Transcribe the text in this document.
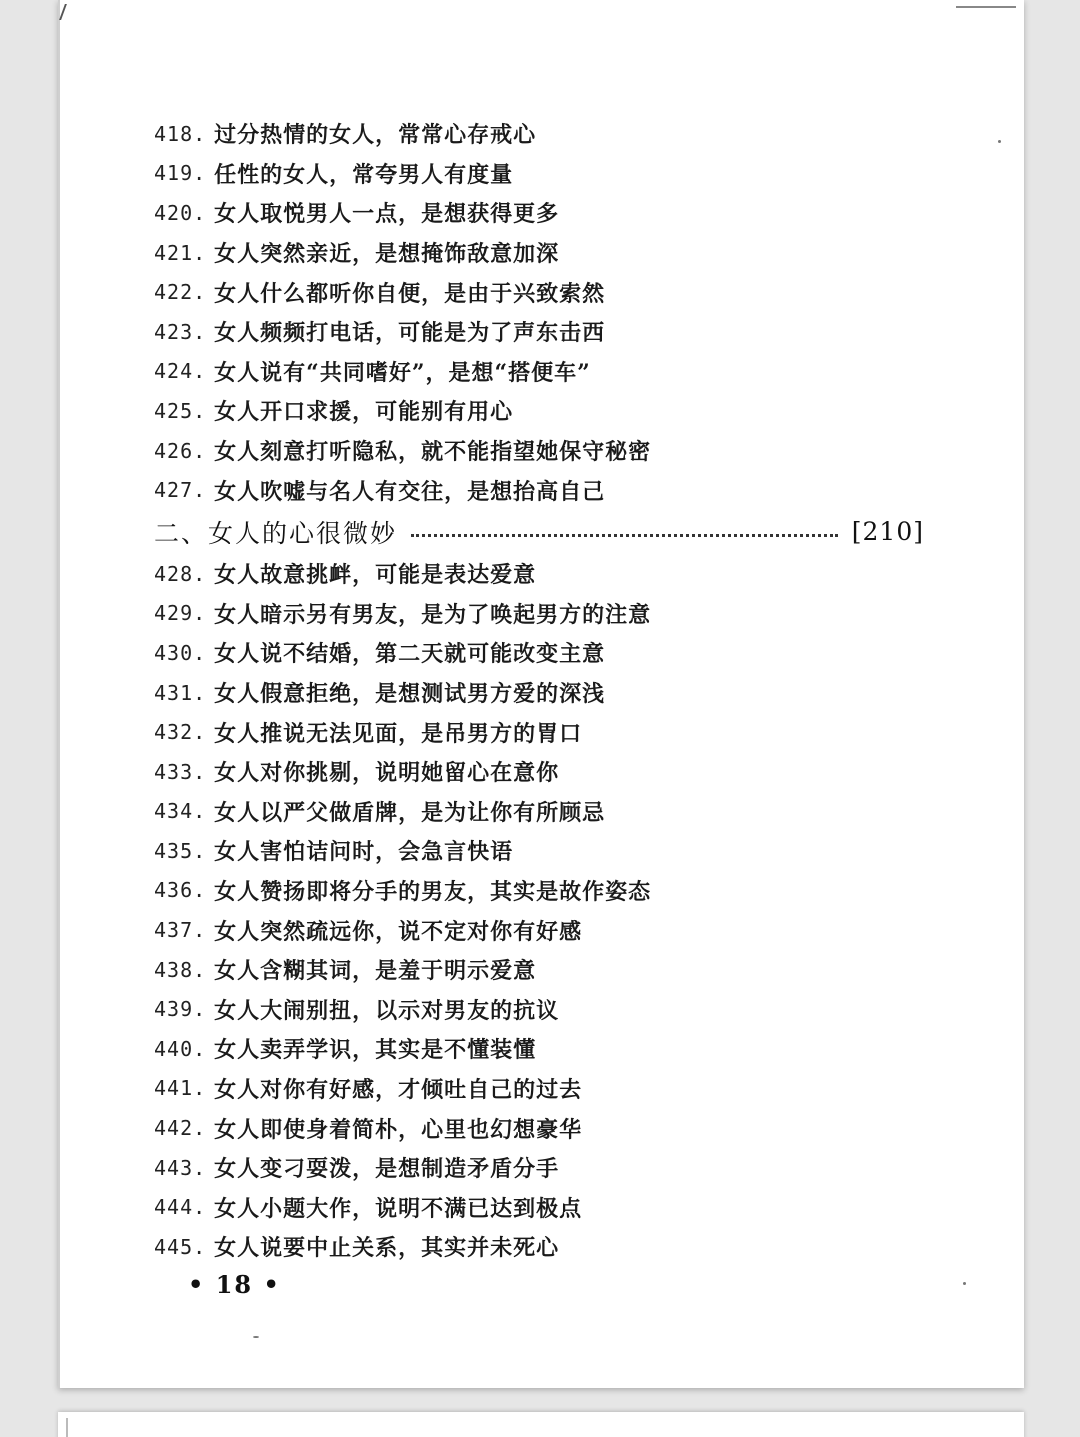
418. 过分热情的女人，常常心存戒心
419. 任性的女人，常夸男人有度量
420. 女人取悦男人一点，是想获得更多
421. 女人突然亲近，是想掩饰敌意加深
422. 女人什么都听你自便，是由于兴致索然
423. 女人频频打电话，可能是为了声东击西
424. 女人说有“共同嗜好”，是想“搭便车”
425. 女人开口求援，可能别有用心
426. 女人刻意打听隐私，就不能指望她保守秘密
427. 女人吹嘘与名人有交往，是想抬高自己
二、女人的心很微妙	[210]
428. 女人故意挑衅，可能是表达爱意
429. 女人暗示另有男友，是为了唤起男方的注意
430. 女人说不结婚，第二天就可能改变主意
431. 女人假意拒绝，是想测试男方爱的深浅
432. 女人推说无法见面，是吊男方的胃口
433. 女人对你挑剔，说明她留心在意你
434. 女人以严父做盾牌，是为让你有所顾忌
435. 女人害怕诘问时，会急言快语
436. 女人赞扬即将分手的男友，其实是故作姿态
437. 女人突然疏远你，说不定对你有好感
438. 女人含糊其词，是羞于明示爱意
439. 女人大闹别扭，以示对男友的抗议
440. 女人卖弄学识，其实是不懂装懂
441. 女人对你有好感，才倾吐自己的过去
442. 女人即使身着简朴，心里也幻想豪华
443. 女人变刁耍泼，是想制造矛盾分手
444. 女人小题大作，说明不满已达到极点
445. 女人说要中止关系，其实并未死心
• 18 •
